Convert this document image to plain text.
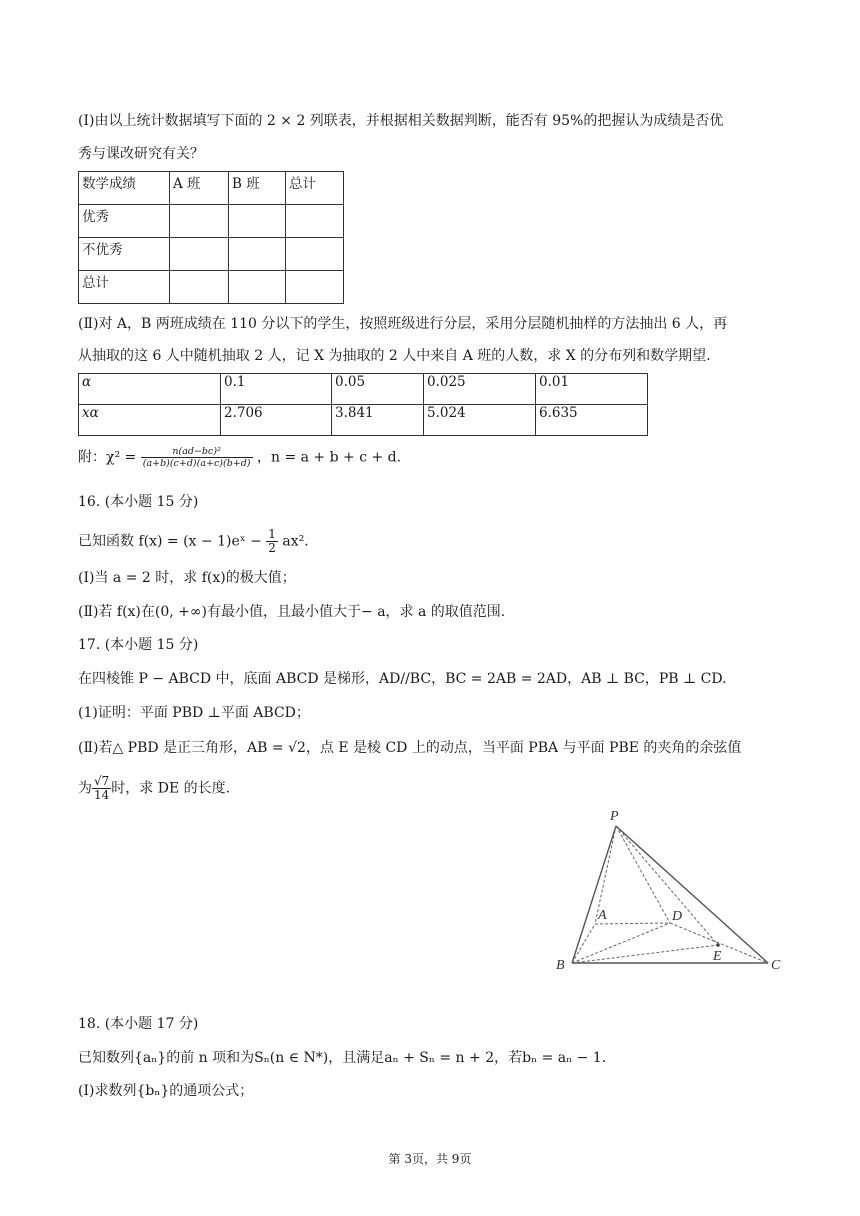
(Ⅰ)由以上统计数据填写下面的 2 × 2 列联表，并根据相关数据判断，能否有 95%的把握认为成绩是否优
秀与课改研究有关？
数学成绩	A 班	B 班	总计
优秀			
不优秀			
总计			
(Ⅱ)对 A，B 两班成绩在 110 分以下的学生，按照班级进行分层，采用分层随机抽样的方法抽出 6 人，再
从抽取的这 6 人中随机抽取 2 人，记 X 为抽取的 2 人中来自 A 班的人数，求 X 的分布列和数学期望.
α	0.1	0.05	0.025	0.01
xα	2.706	3.841	5.024	6.635
附：$\chi^2 = \frac{\text{n(ad−bc)²}}{(a+b)(c+d)(a+c)(b+d)}$ ，n = a + b + c + d.
16. (本小题 15 分)
已知函数 f(x) = (x − 1)eˣ − $\frac{1}{2} ax^2$.
(Ⅰ)当 a = 2 时，求 f(x)的极大值；
(Ⅱ)若 f(x)在(0, +∞)有最小值，且最小值大于− a，求 a 的取值范围.
17. (本小题 15 分)
在四棱锥 P − ABCD 中，底面 ABCD 是梯形，AD//BC，BC = 2AB = 2AD，AB ⊥ BC，PB ⊥ CD.
(1)证明：平面 PBD ⊥平面 ABCD；
(Ⅱ)若△ PBD 是正三角形，AB = √2，点 E 是棱 CD 上的动点，当平面 PBA 与平面 PBE 的夹角的余弦值
为 $\frac{√7}{14}$ 时，求 DE 的长度.
P
A	D
E
B	C
18. (本小题 17 分)
已知数列{aₙ}的前 n 项和为Sₙ(n ∈ N*)，且满足aₙ + Sₙ = n + 2，若bₙ = aₙ − 1.
(Ⅰ)求数列{bₙ}的通项公式；
第 3页，共 9页
